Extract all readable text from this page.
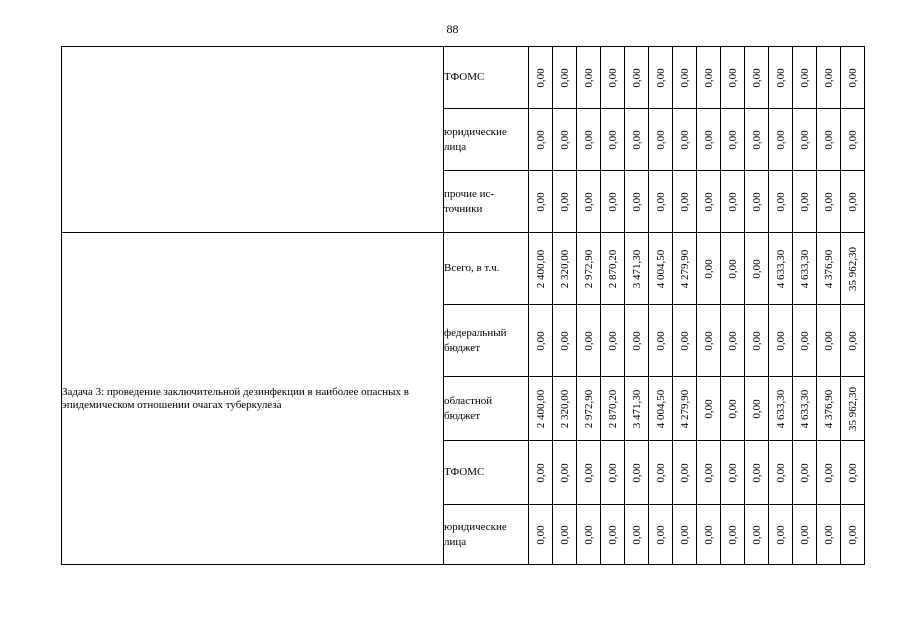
88
	ТФОМС	0,00	0,00	0,00	0,00	0,00	0,00	0,00	0,00	0,00	0,00	0,00	0,00	0,00	0,00

	юридические лица	0,00	0,00	0,00	0,00	0,00	0,00	0,00	0,00	0,00	0,00	0,00	0,00	0,00	0,00

	прочие ис-точники	0,00	0,00	0,00	0,00	0,00	0,00	0,00	0,00	0,00	0,00	0,00	0,00	0,00	0,00

Задача 3: проведение заключительной дезинфекции в наиболее опасных в эпидемическом отношении очагах туберкулеза	Всего, в т.ч.	2 400,00	2 320,00	2 972,90	2 870,20	3 471,30	4 004,50	4 279,90	0,00	0,00	0,00	4 633,30	4 633,30	4 376,90	35 962,30

	федеральный бюджет	0,00	0,00	0,00	0,00	0,00	0,00	0,00	0,00	0,00	0,00	0,00	0,00	0,00	0,00

	областной бюджет	2 400,00	2 320,00	2 972,90	2 870,20	3 471,30	4 004,50	4 279,90	0,00	0,00	0,00	4 633,30	4 633,30	4 376,90	35 962,30

	ТФОМС	0,00	0,00	0,00	0,00	0,00	0,00	0,00	0,00	0,00	0,00	0,00	0,00	0,00	0,00

	юридические лица	0,00	0,00	0,00	0,00	0,00	0,00	0,00	0,00	0,00	0,00	0,00	0,00	0,00	0,00
